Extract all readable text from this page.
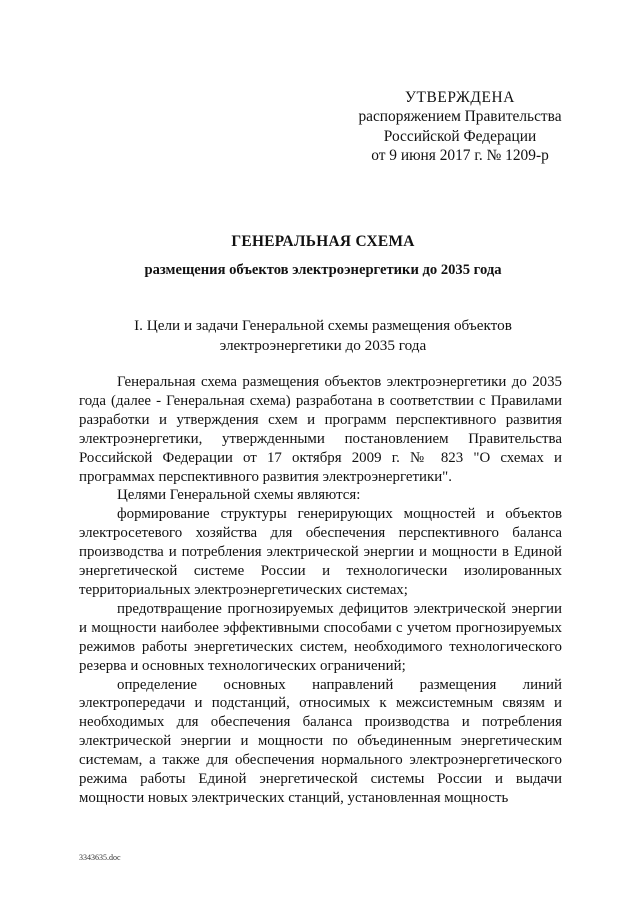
УТВЕРЖДЕНА
распоряжением Правительства
Российской Федерации
от 9 июня 2017 г. № 1209-р
ГЕНЕРАЛЬНАЯ СХЕМА
размещения объектов электроэнергетики до 2035 года
I. Цели и задачи Генеральной схемы размещения объектов
электроэнергетики до 2035 года

Генеральная схема размещения объектов электроэнергетики до 2035 года (далее - Генеральная схема) разработана в соответствии с Правилами разработки и утверждения схем и программ перспективного развития электроэнергетики, утвержденными постановлением Правительства Российской Федерации от 17 октября 2009 г. № 823 "О схемах и программах перспективного развития электроэнергетики".

Целями Генеральной схемы являются:

формирование структуры генерирующих мощностей и объектов электросетевого хозяйства для обеспечения перспективного баланса производства и потребления электрической энергии и мощности в Единой энергетической системе России и технологически изолированных территориальных электроэнергетических системах;

предотвращение прогнозируемых дефицитов электрической энергии и мощности наиболее эффективными способами с учетом прогнозируемых режимов работы энергетических систем, необходимого технологического резерва и основных технологических ограничений;

определение основных направлений размещения линий электропередачи и подстанций, относимых к межсистемным связям и необходимых для обеспечения баланса производства и потребления электрической энергии и мощности по объединенным энергетическим системам, а также для обеспечения нормального электроэнергетического режима работы Единой энергетической системы России и выдачи мощности новых электрических станций, установленная мощность

3343635.doc
